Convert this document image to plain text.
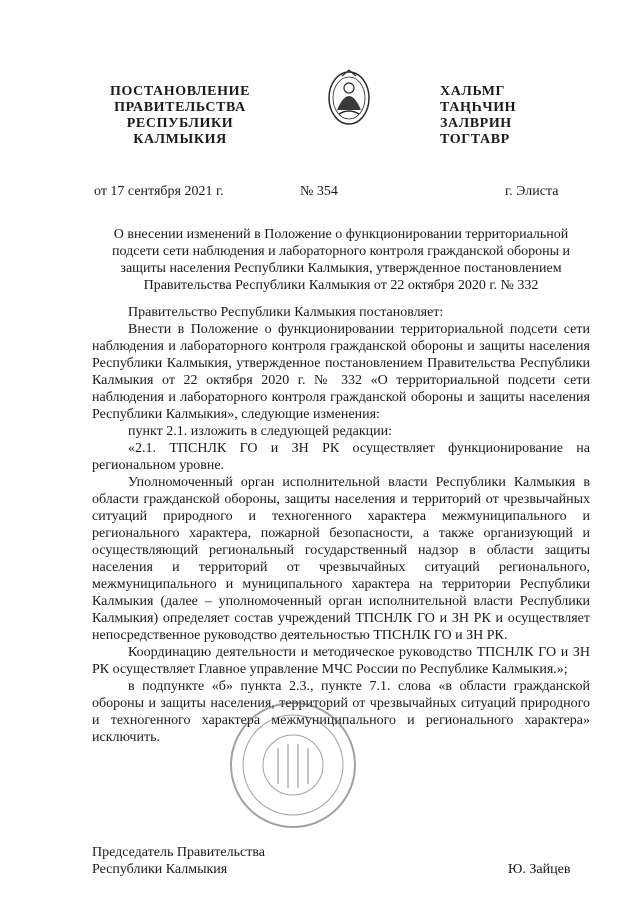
ПОСТАНОВЛЕНИЕ
ПРАВИТЕЛЬСТВА
РЕСПУБЛИКИ
КАЛМЫКИЯ
ХАЛЬМГ
ТАҢҺЧИН
ЗАЛВРИН
ТОГТАВР
от 17 сентября 2021 г.	№ 354	г. Элиста
О внесении изменений в Положение о функционировании территориальной
подсети сети наблюдения и лабораторного контроля гражданской обороны и
защиты населения Республики Калмыкия, утвержденное постановлением
Правительства Республики Калмыкия от 22 октября 2020 г. № 332

Правительство Республики Калмыкия постановляет:

Внести в Положение о функционировании территориальной подсети сети наблюдения и лабораторного контроля гражданской обороны и защиты населения Республики Калмыкия, утвержденное постановлением Правительства Республики Калмыкия от 22 октября 2020 г. № 332 «О территориальной подсети сети наблюдения и лабораторного контроля гражданской обороны и защиты населения Республики Калмыкия», следующие изменения:

пункт 2.1. изложить в следующей редакции:

«2.1. ТПСНЛК ГО и ЗН РК осуществляет функционирование на региональном уровне.

Уполномоченный орган исполнительной власти Республики Калмыкия в области гражданской обороны, защиты населения и территорий от чрезвычайных ситуаций природного и техногенного характера межмуниципального и регионального характера, пожарной безопасности, а также организующий и осуществляющий региональный государственный надзор в области защиты населения и территорий от чрезвычайных ситуаций регионального, межмуниципального и муниципального характера на территории Республики Калмыкия (далее – уполномоченный орган исполнительной власти Республики Калмыкия) определяет состав учреждений ТПСНЛК ГО и ЗН РК и осуществляет непосредственное руководство деятельностью ТПСНЛК ГО и ЗН РК.

Координацию деятельности и методическое руководство ТПСНЛК ГО и ЗН РК осуществляет Главное управление МЧС России по Республике Калмыкия.»;

в подпункте «б» пункта 2.3., пункте 7.1. слова «в области гражданской обороны и защиты населения, территорий от чрезвычайных ситуаций природного и техногенного характера межмуниципального и регионального характера» исключить.

Председатель Правительства
Республики Калмыкия	Ю. Зайцев
